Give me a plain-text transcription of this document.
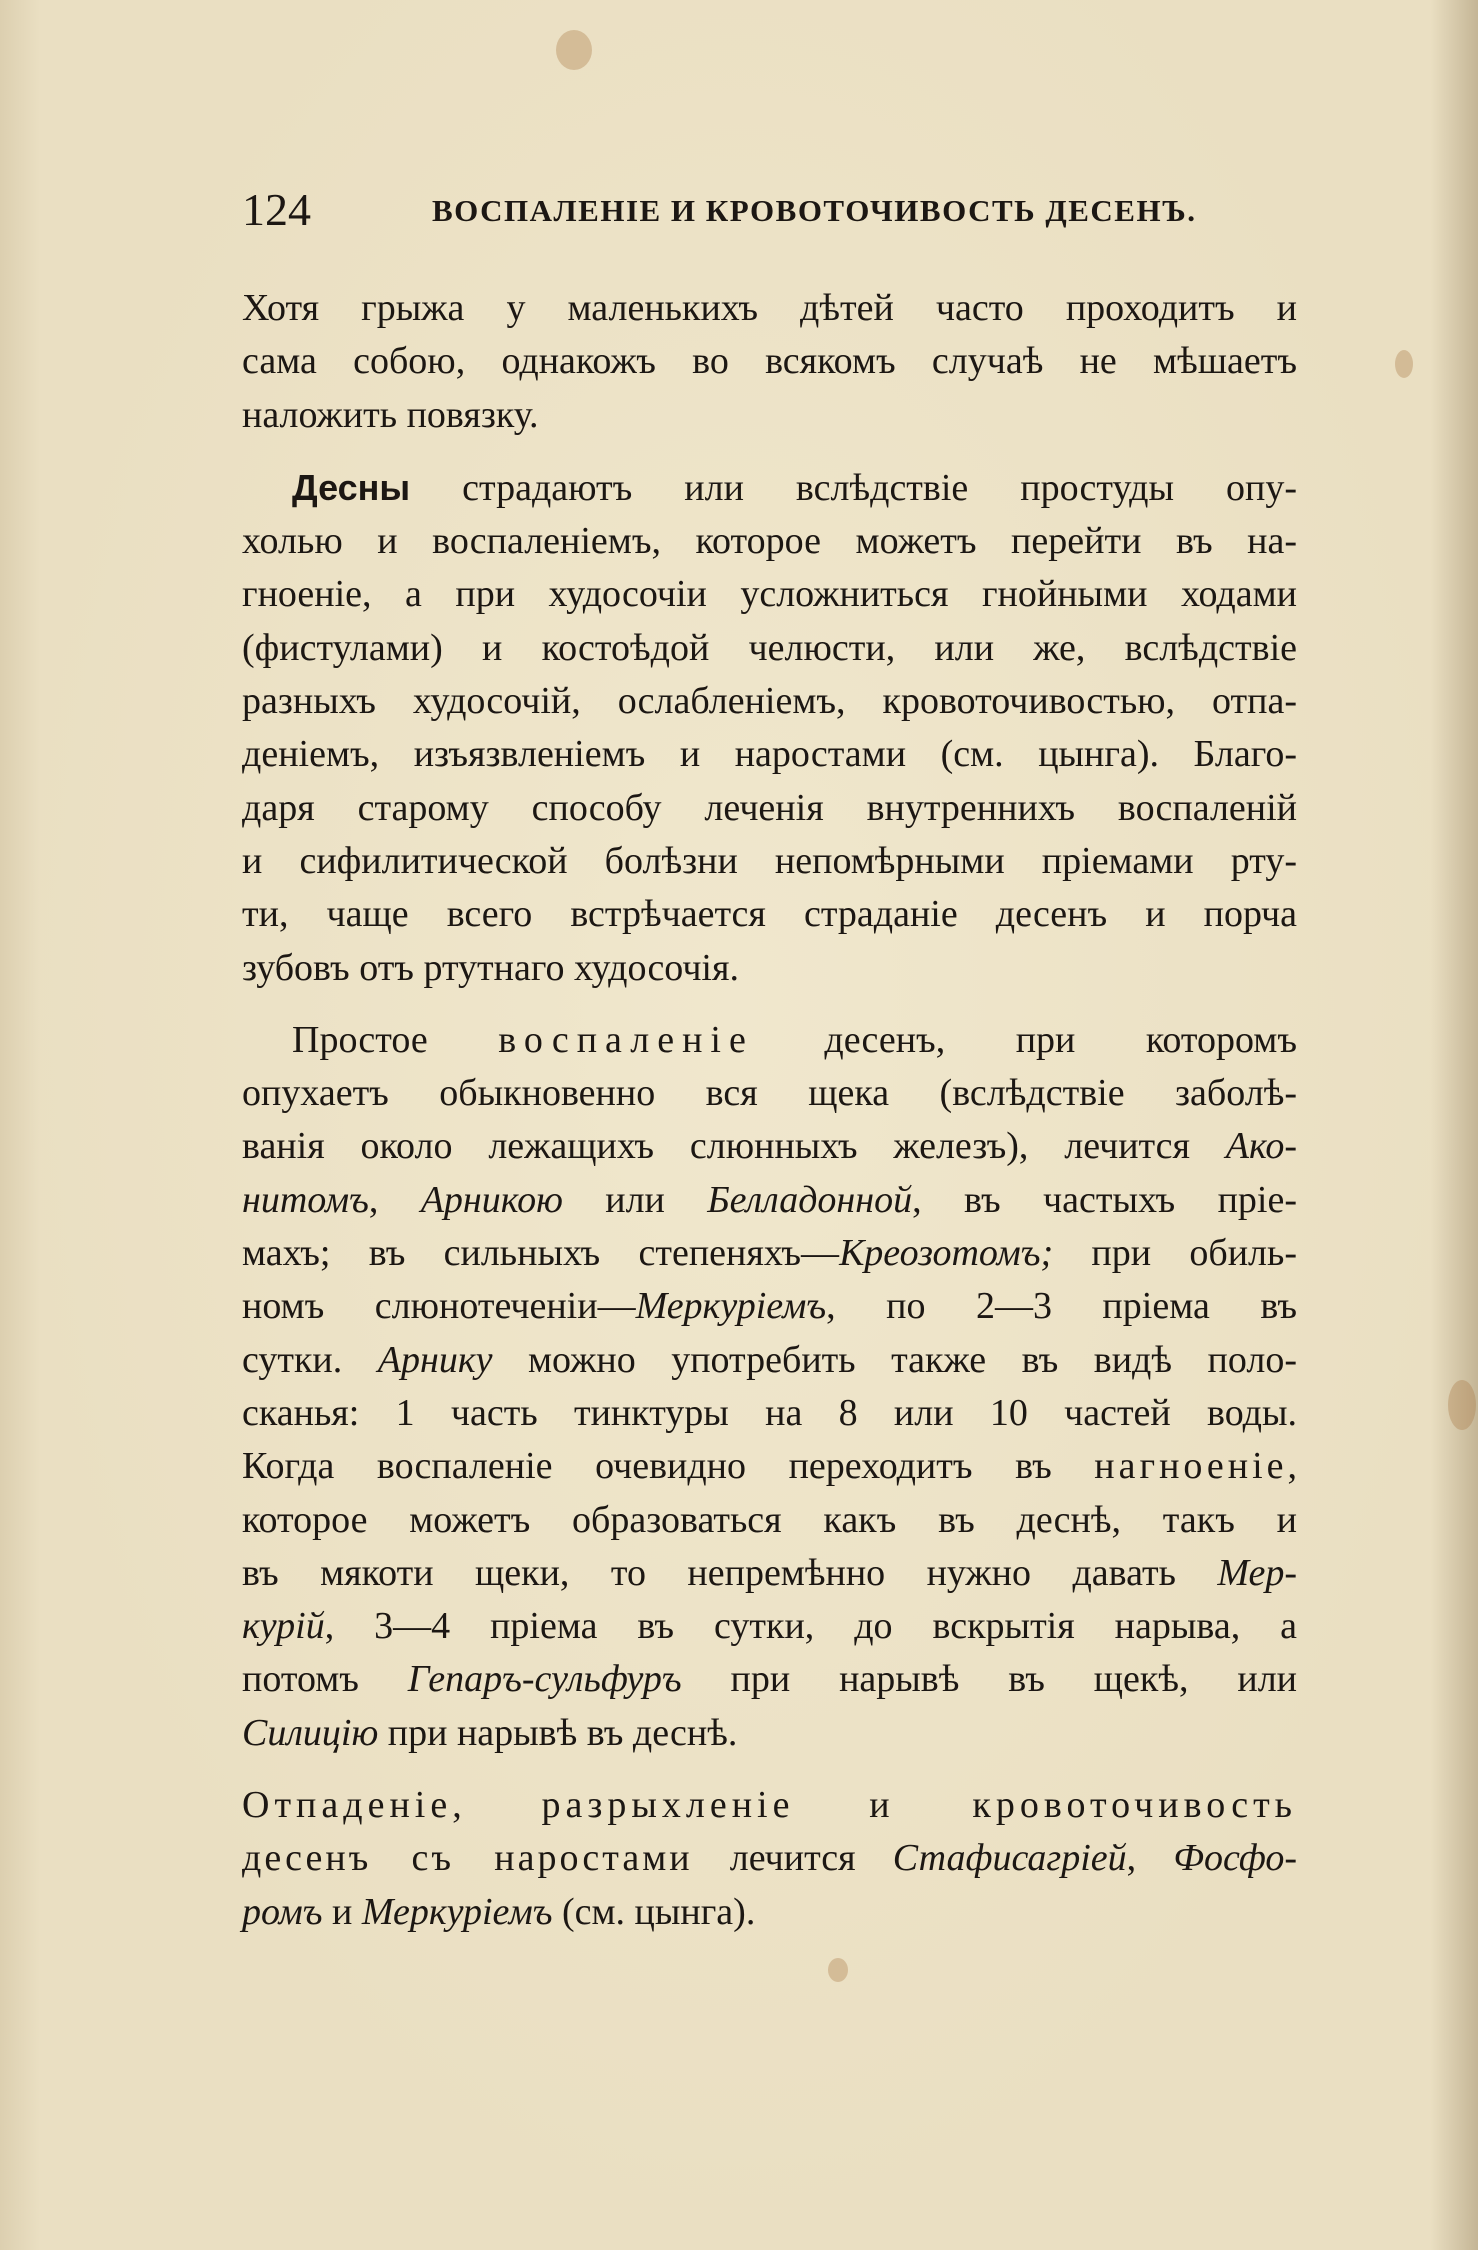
124	ВОСПАЛЕНІЕ И КРОВОТОЧИВОСТЬ ДЕСЕНЪ.

Хотя грыжа у маленькихъ дѣтей часто проходитъ и
сама собою, однакожъ во всякомъ случаѣ не мѣшаетъ
наложить повязку.

Десны страдаютъ или вслѣдствіе простуды опу-
холью и воспаленіемъ, которое можетъ перейти въ на-
гноеніе, а при худосочіи усложниться гнойными ходами
(фистулами) и костоѣдой челюсти, или же, вслѣдствіе
разныхъ худосочій, ослабленіемъ, кровоточивостью, отпа-
деніемъ, изъязвленіемъ и наростами (см. цынга). Благо-
даря старому способу леченія внутреннихъ воспаленій
и сифилитической болѣзни непомѣрными пріемами рту-
ти, чаще всего встрѣчается страданіе десенъ и порча
зубовъ отъ ртутнаго худосочія.

Простое воспаленіе десенъ, при которомъ
опухаетъ обыкновенно вся щека (вслѣдствіе заболѣ-
ванія около лежащихъ слюнныхъ железъ), лечится Ако-
нитомъ, Арникою или Белладонной, въ частыхъ пріе-
махъ; въ сильныхъ степеняхъ—Креозотомъ; при обиль-
номъ слюнотеченіи—Меркуріемъ, по 2—3 пріема въ
сутки. Арнику можно употребить также въ видѣ поло-
сканья: 1 часть тинктуры на 8 или 10 частей воды.
Когда воспаленіе очевидно переходитъ въ нагноеніе,
которое можетъ образоваться какъ въ деснѣ, такъ и
въ мякоти щеки, то непремѣнно нужно давать Мер-
курій, 3—4 пріема въ сутки, до вскрытія нарыва, а
потомъ Гепаръ-сульфуръ при нарывѣ въ щекѣ, или
Силицію при нарывѣ въ деснѣ.

Отпаденіе, разрыхленіе и кровоточивость
десенъ съ наростами лечится Стафисагріей, Фосфо-
ромъ и Меркуріемъ (см. цынга).
